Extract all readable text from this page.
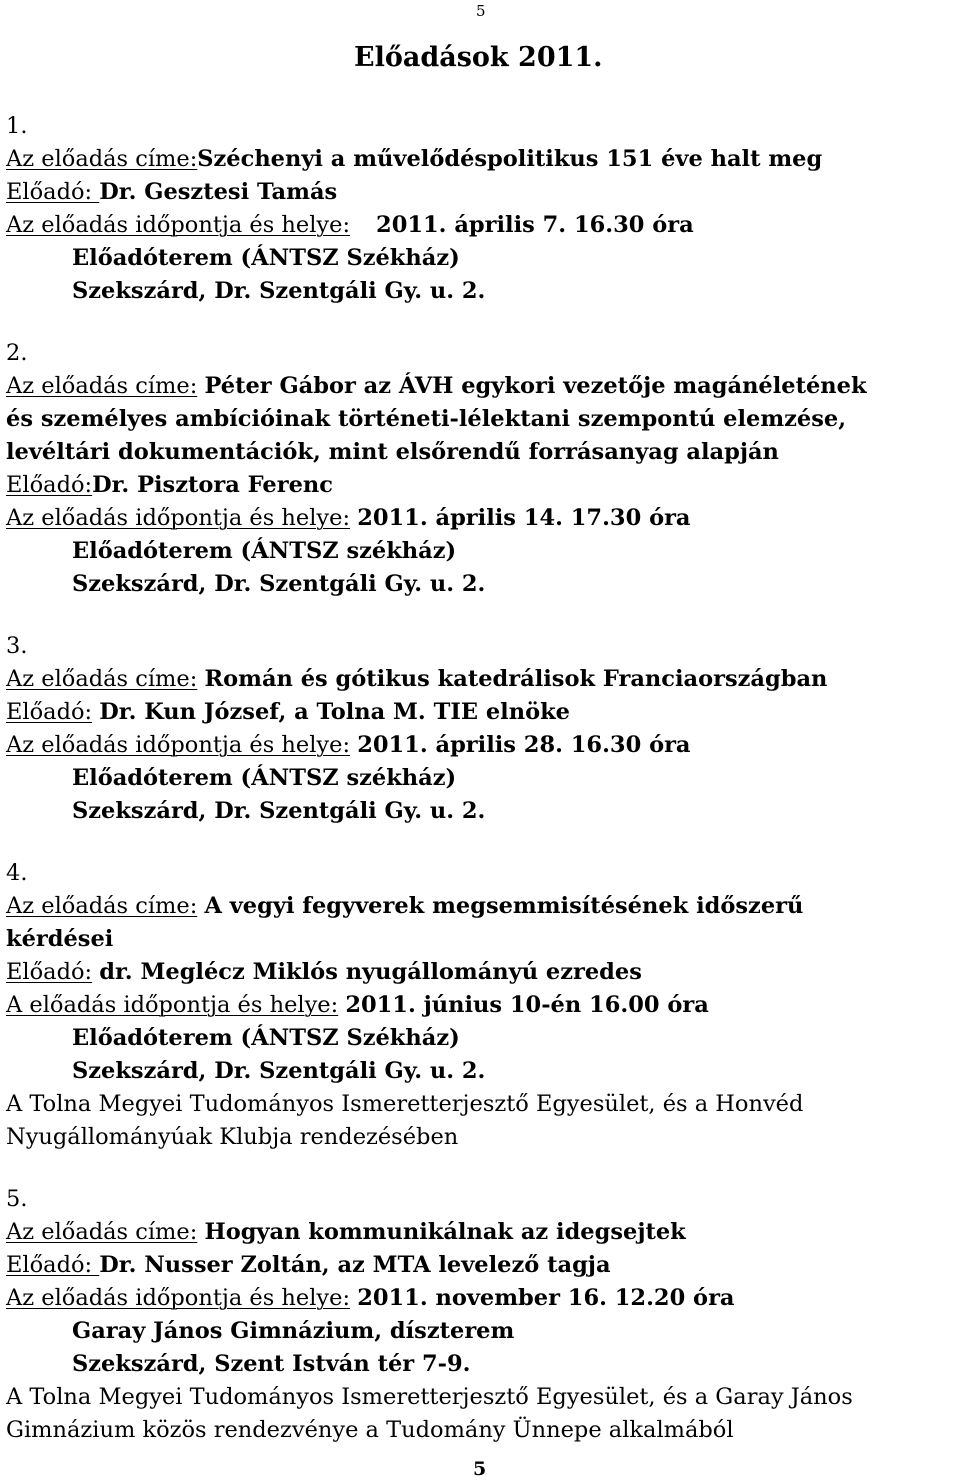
5
Előadások 2011.

1.

Az előadás címe:Széchenyi a művelődéspolitikus 151 éve halt meg

Előadó: Dr. Gesztesi Tamás

Az előadás időpontja és helye: 2011. április 7. 16.30 óra

Előadóterem (ÁNTSZ Székház)

Szekszárd, Dr. Szentgáli Gy. u. 2.

2.

Az előadás címe: Péter Gábor az ÁVH egykori vezetője magánéletének

és személyes ambícióinak történeti-lélektani szempontú elemzése,

levéltári dokumentációk, mint elsőrendű forrásanyag alapján

Előadó:Dr. Pisztora Ferenc

Az előadás időpontja és helye: 2011. április 14. 17.30 óra

Előadóterem (ÁNTSZ székház)

Szekszárd, Dr. Szentgáli Gy. u. 2.

3.

Az előadás címe: Román és gótikus katedrálisok Franciaországban

Előadó: Dr. Kun József, a Tolna M. TIE elnöke

Az előadás időpontja és helye: 2011. április 28. 16.30 óra

Előadóterem (ÁNTSZ székház)

Szekszárd, Dr. Szentgáli Gy. u. 2.

4.

Az előadás címe: A vegyi fegyverek megsemmisítésének időszerű

kérdései

Előadó: dr. Meglécz Miklós nyugállományú ezredes

A előadás időpontja és helye: 2011. június 10-én 16.00 óra

Előadóterem (ÁNTSZ Székház)

Szekszárd, Dr. Szentgáli Gy. u. 2.

A Tolna Megyei Tudományos Ismeretterjesztő Egyesület, és a Honvéd

Nyugállományúak Klubja rendezésében

5.

Az előadás címe: Hogyan kommunikálnak az idegsejtek

Előadó: Dr. Nusser Zoltán, az MTA levelező tagja

Az előadás időpontja és helye: 2011. november 16. 12.20 óra

Garay János Gimnázium, díszterem

Szekszárd, Szent István tér 7-9.

A Tolna Megyei Tudományos Ismeretterjesztő Egyesület, és a Garay János

Gimnázium közös rendezvénye a Tudomány Ünnepe alkalmából

5
